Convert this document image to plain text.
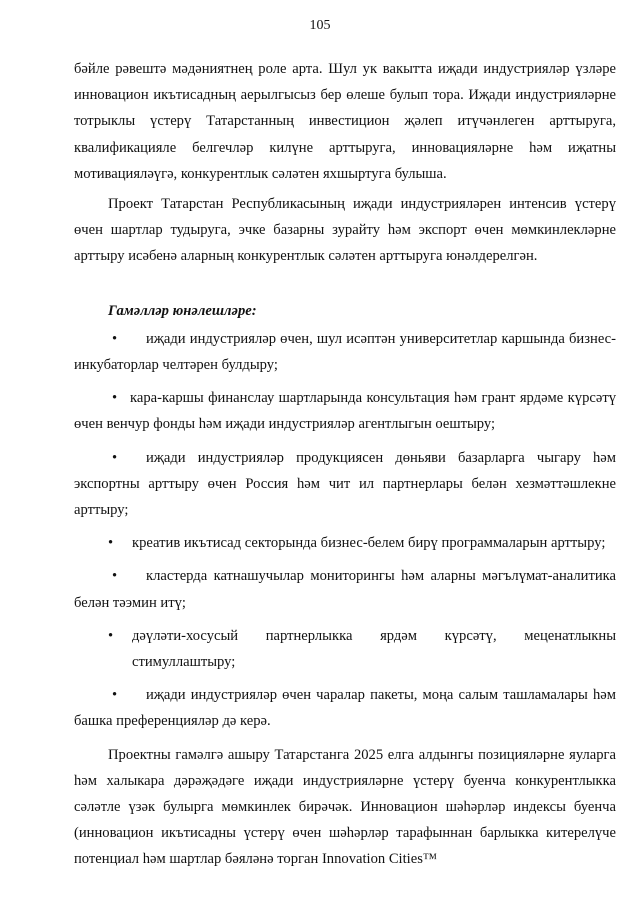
105

бәйле рәвештә мәдәниятнең роле арта. Шул ук вакытта иҗади индустрияләр үзләре инновацион икътисадның аерылгысыз бер өлеше булып тора. Иҗади индустрияләрне тотрыклы үстерү Татарстанның инвестицион җәлеп итүчәнлеген арттыруга, квалификацияле белгечләр килүне арттыруга, инновацияләрне һәм иҗатны мотивацияләүгә, конкурентлык сәләтен яхшыртуга булыша.

Проект Татарстан Республикасының иҗади индустрияләрен интенсив үстерү өчен шартлар тудыруга, эчке базарны зурайту һәм экспорт өчен мөмкинлекләрне арттыру исәбенә аларның конкурентлык сәләтен арттыруга юнәлдерелгән.

Гамәлләр юнәлешләре:

• иҗади индустрияләр өчен, шул исәптән университетлар каршында бизнес-инкубаторлар челтәрен булдыру;

• кара-каршы финанслау шартларында консультация һәм грант ярдәме күрсәтү өчен венчур фонды һәм иҗади индустрияләр агентлыгын оештыру;

• иҗади индустрияләр продукциясен дөньяви базарларга чыгару һәм экспортны арттыру өчен Россия һәм чит ил партнерлары белән хезмәттәшлекне арттыру;

• креатив икътисад секторында бизнес-белем бирү программаларын арттыру;

• кластерда катнашучылар мониторингы һәм аларны мәгълүмат-аналитика белән тәэмин итү;

• дәүләти-хосусый партнерлыкка ярдәм күрсәтү, меценатлыкны стимуллаштыру;

• иҗади индустрияләр өчен чаралар пакеты, моңа салым ташламалары һәм башка преференцияләр дә керә.

Проектны гамәлгә ашыру Татарстанга 2025 елга алдынгы позицияләрне яуларга һәм халыкара дәрәҗәдәге иҗади индустрияләрне үстерү буенча конкурентлыкка сәләтле үзәк булырга мөмкинлек бирәчәк. Инновацион шәһәрләр индексы буенча (инновацион икътисадны үстерү өчен шәһәрләр тарафыннан барлыкка китерелүче потенциал һәм шартлар бәяләнә торган Innovation Cities™
